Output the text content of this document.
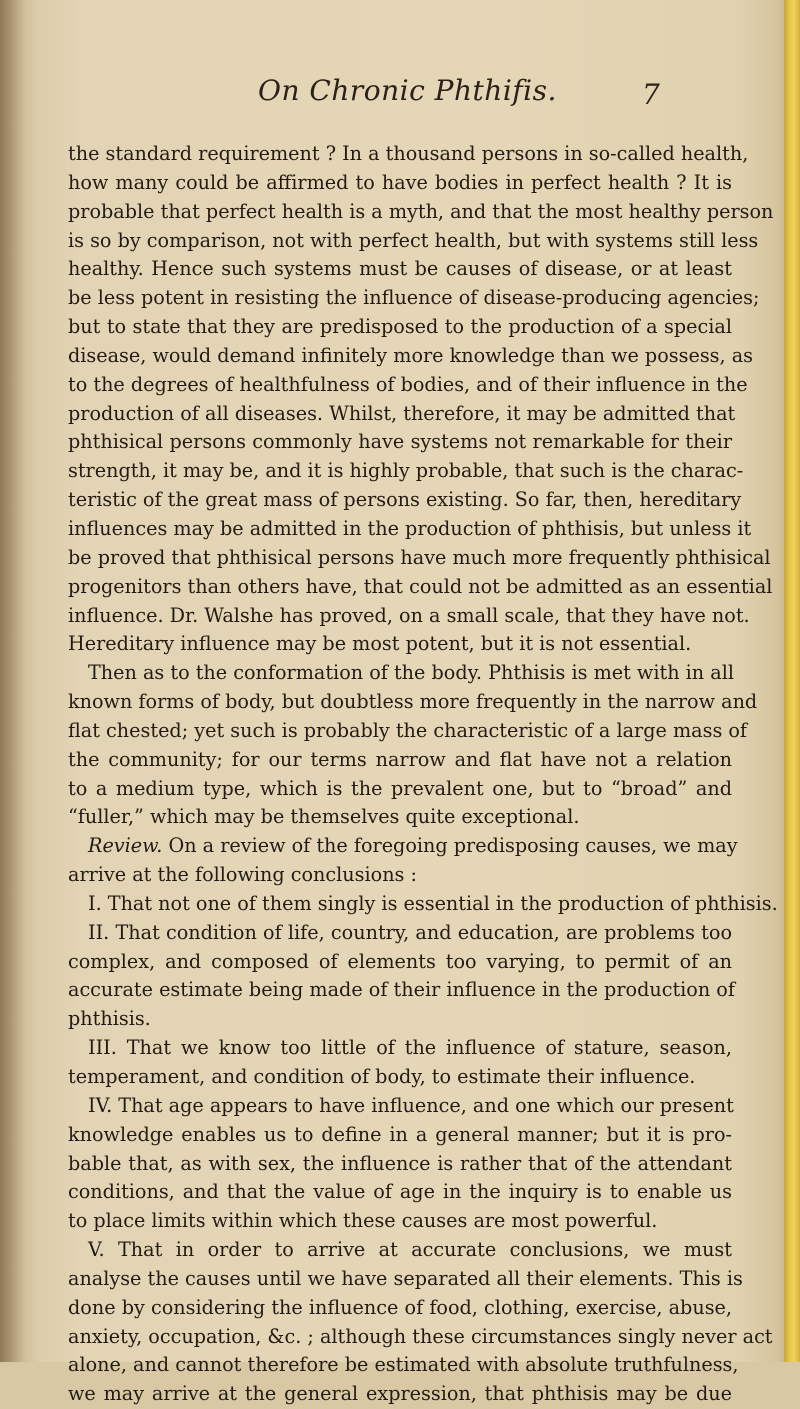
On Chronic Phthifis.	7
the standard requirement ? In a thousand persons in so-called health,
how many could be affirmed to have bodies in perfect health ? It is
probable that perfect health is a myth, and that the most healthy person
is so by comparison, not with perfect health, but with systems still less
healthy. Hence such systems must be causes of disease, or at least
be less potent in resisting the influence of disease-producing agencies;
but to state that they are predisposed to the production of a special
disease, would demand infinitely more knowledge than we possess, as
to the degrees of healthfulness of bodies, and of their influence in the
production of all diseases. Whilst, therefore, it may be admitted that
phthisical persons commonly have systems not remarkable for their
strength, it may be, and it is highly probable, that such is the charac-
teristic of the great mass of persons existing. So far, then, hereditary
influences may be admitted in the production of phthisis, but unless it
be proved that phthisical persons have much more frequently phthisical
progenitors than others have, that could not be admitted as an essential
influence. Dr. Walshe has proved, on a small scale, that they have not.
Hereditary influence may be most potent, but it is not essential.
Then as to the conformation of the body. Phthisis is met with in all
known forms of body, but doubtless more frequently in the narrow and
flat chested; yet such is probably the characteristic of a large mass of
the community; for our terms narrow and flat have not a relation
to a medium type, which is the prevalent one, but to “broad” and
“fuller,” which may be themselves quite exceptional.
Review. On a review of the foregoing predisposing causes, we may
arrive at the following conclusions :
I. That not one of them singly is essential in the production of phthisis.
II. That condition of life, country, and education, are problems too
complex, and composed of elements too varying, to permit of an
accurate estimate being made of their influence in the production of
phthisis.
III. That we know too little of the influence of stature, season,
temperament, and condition of body, to estimate their influence.
IV. That age appears to have influence, and one which our present
knowledge enables us to define in a general manner; but it is pro-
bable that, as with sex, the influence is rather that of the attendant
conditions, and that the value of age in the inquiry is to enable us
to place limits within which these causes are most powerful.
V. That in order to arrive at accurate conclusions, we must
analyse the causes until we have separated all their elements. This is
done by considering the influence of food, clothing, exercise, abuse,
anxiety, occupation, &c. ; although these circumstances singly never act
alone, and cannot therefore be estimated with absolute truthfulness,
we may arrive at the general expression, that phthisis may be due
